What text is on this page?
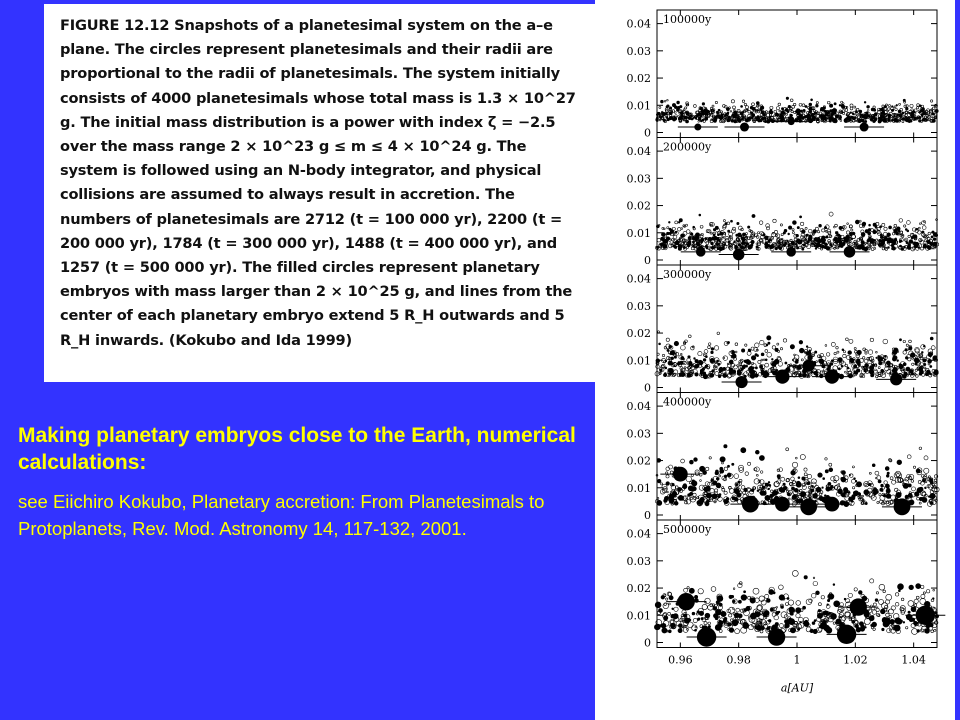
FIGURE 12.12 Snapshots of a planetesimal system on the a–e plane. The circles represent planetesimals and their radii are proportional to the radii of planetesimals. The system initially consists of 4000 planetesimals whose total mass is 1.3 × 10^27 g. The initial mass distribution is a power with index ζ = −2.5 over the mass range 2 × 10^23 g ≤ m ≤ 4 × 10^24 g. The system is followed using an N-body integrator, and physical collisions are assumed to always result in accretion. The numbers of planetesimals are 2712 (t = 100 000 yr), 2200 (t = 200 000 yr), 1784 (t = 300 000 yr), 1488 (t = 400 000 yr), and 1257 (t = 500 000 yr). The filled circles represent planetary embryos with mass larger than 2 × 10^25 g, and lines from the center of each planetary embryo extend 5 R_H outwards and 5 R_H inwards. (Kokubo and Ida 1999)

Making planetary embryos close to the Earth, numerical calculations:
see Eiichiro Kokubo, Planetary accretion: From Planetesimals to Protoplanets, Rev. Mod. Astronomy 14, 117-132, 2001.
0
0.01
0.02
0.03
0.04 100000y
0
0.01
0.02
0.03
0.04 200000y
0
0.01
0.02
0.03
0.04 300000y
0
0.01
0.02
0.03
0.04 400000y
0
0.01
0.02
0.03
0.04 500000y
0.96	0.98	1	1.02	1.04
a[AU]
